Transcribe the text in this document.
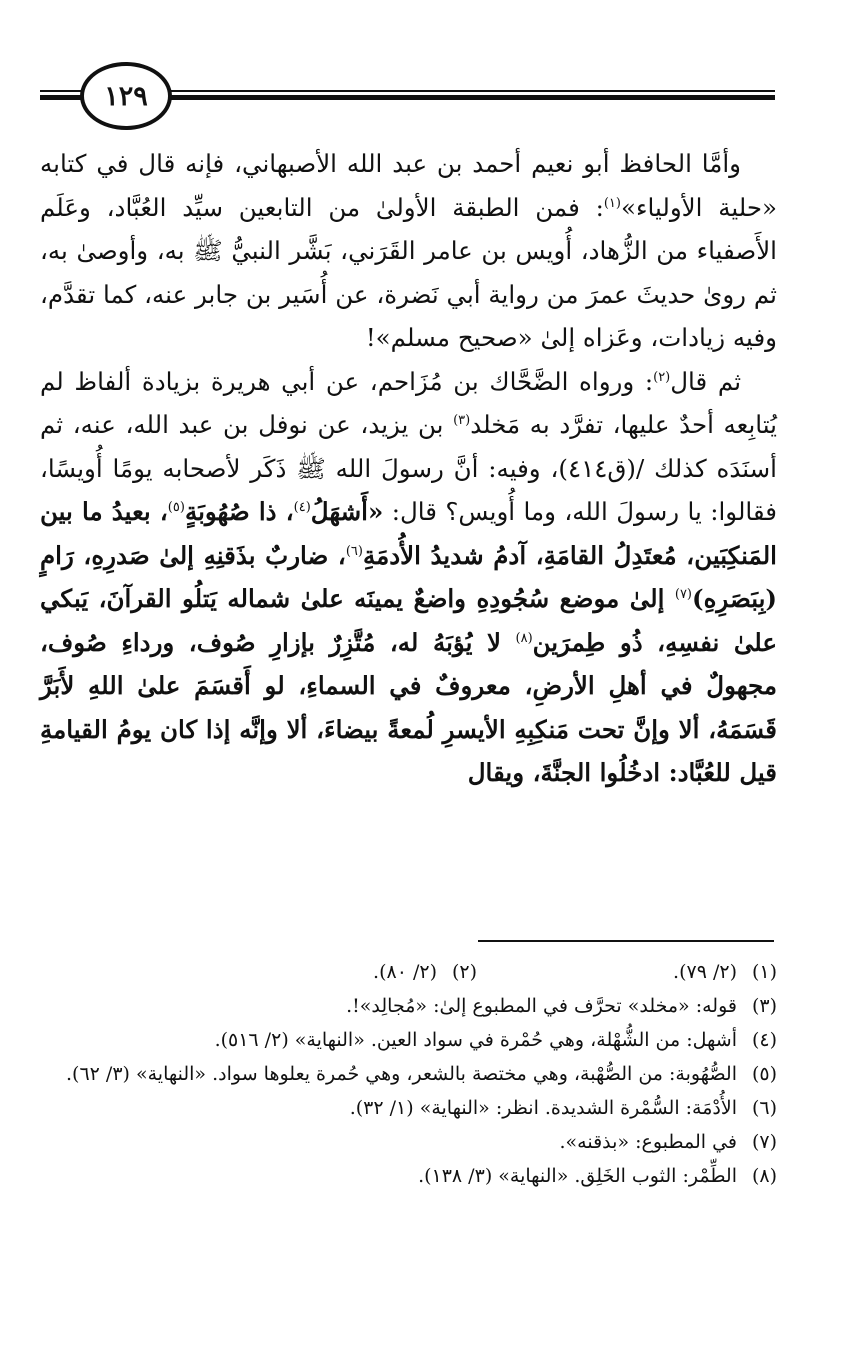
١٢٩

وأمَّا الحافظ أبو نعيم أحمد بن عبد الله الأصبهاني، فإنه قال في كتابه «حلية الأولياء»$^{(١)}$: فمن الطبقة الأولىٰ من التابعين سيِّد العُبَّاد، وعَلَم الأَصفياء من الزُّهاد، أُويس بن عامر القَرَني، بَشَّر النبيُّ ﷺ به، وأوصىٰ به، ثم روىٰ حديثَ عمرَ من رواية أبي نَضرة، عن أُسَير بن جابر عنه، كما تقدَّم، وفيه زيادات، وعَزاه إلىٰ «صحيح مسلم»!

ثم قال$^{(٢)}$: ورواه الضَّحَّاك بن مُزَاحم، عن أبي هريرة بزيادة ألفاظ لم يُتابِعه أحدٌ عليها، تفرَّد به مَخلد$^{(٣)}$ بن يزيد، عن نوفل بن عبد الله، عنه، ثم أسنَدَه كذلك /(ق٤١٤)، وفيه: أنَّ رسولَ الله ﷺ ذَكَر لأصحابه يومًا أُويسًا، فقالوا: يا رسولَ الله، وما أُويس؟ قال: «أَشهَلُ$^{(٤)}$، ذا صُهُوبَةٍ$^{(٥)}$، بعيدُ ما بين المَنكِبَين، مُعتَدِلُ القامَةِ، آدمُ شديدُ الأُدمَةِ$^{(٦)}$، ضاربٌ بذَقنِهِ إلىٰ صَدرِهِ، رَامٍ (بِبَصَرِهِ)$^{(٧)}$ إلىٰ موضع سُجُودِهِ واضعٌ يمينَه علىٰ شماله يَتلُو القرآنَ، يَبكي علىٰ نفسِهِ، ذُو طِمرَين$^{(٨)}$ لا يُؤبَهُ له، مُتَّزِرٌ بإزارِ صُوف، ورداءِ صُوف، مجهولٌ في أهلِ الأرضِ، معروفٌ في السماءِ، لو أَقسَمَ علىٰ اللهِ لأَبَرَّ قَسَمَهُ، ألا وإنَّ تحت مَنكِبِهِ الأيسرِ لُمعةً بيضاءَ، ألا وإنَّه إذا كان يومُ القيامةِ قيل للعُبَّاد: ادخُلُوا الجنَّةَ، ويقال

(١)
(٢/ ٧٩).
(٢)
(٢/ ٨٠).
(٣)
قوله: «مخلد» تحرَّف في المطبوع إلىٰ: «مُجالِد»!.
(٤)
أشهل: من الشُّهْلة، وهي حُمْرة في سواد العين. «النهاية» (٢/ ٥١٦).
(٥)
الصُّهُوبة: من الصُّهْبة، وهي مختصة بالشعر، وهي حُمرة يعلوها سواد. «النهاية» (٣/ ٦٢).
(٦)
الأُدْمَة: السُّمْرة الشديدة. انظر: «النهاية» (١/ ٣٢).
(٧)
في المطبوع: «بذقنه».
(٨)
الطِّمْر: الثوب الخَلِق. «النهاية» (٣/ ١٣٨).
